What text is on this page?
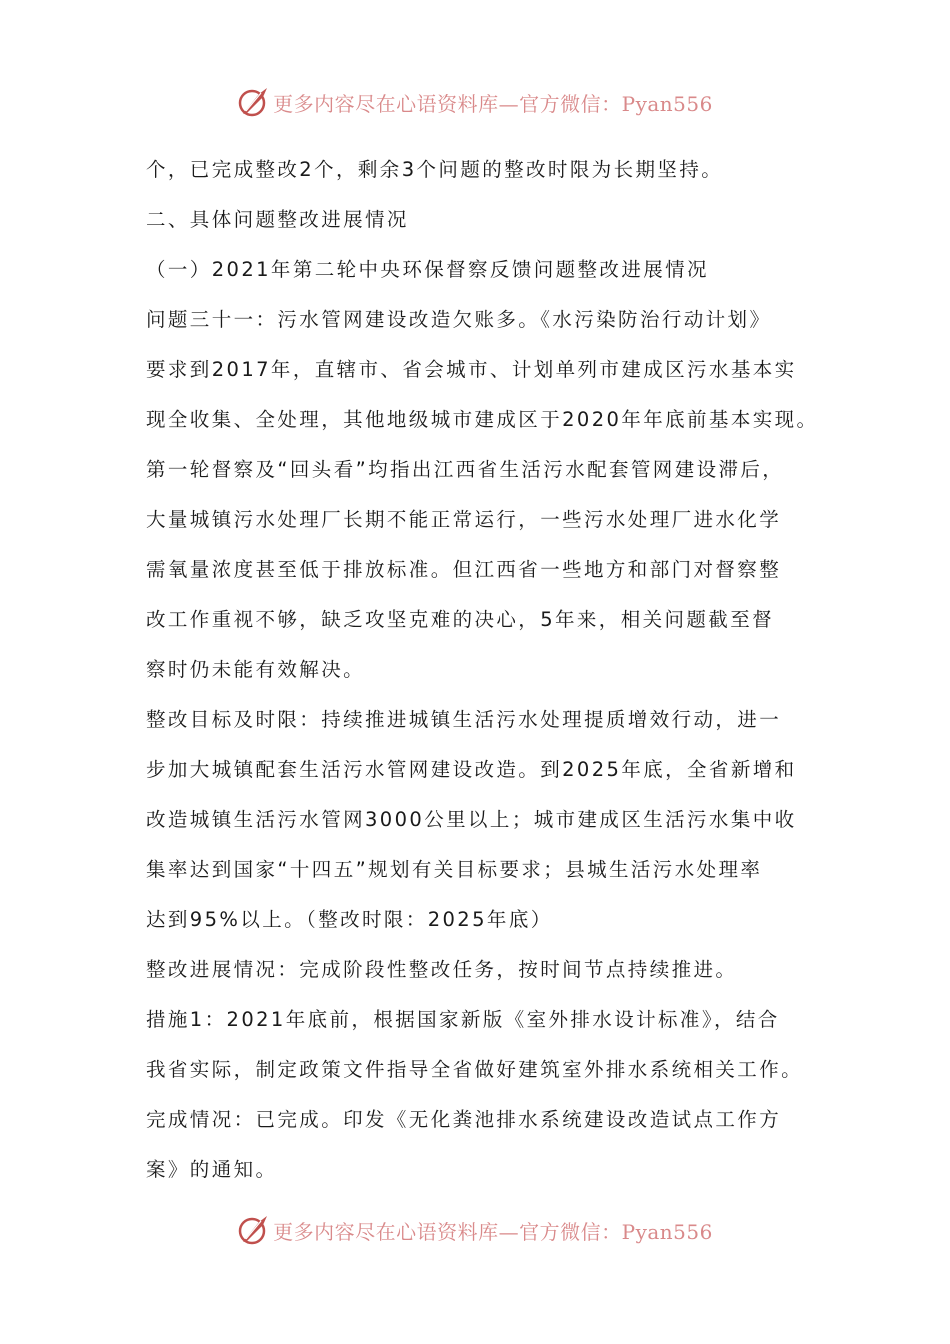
更多内容尽在心语资料库—官方微信：Pyan556

个，已完成整改2个，剩余3个问题的整改时限为长期坚持。

二、具体问题整改进展情况

（一）2021年第二轮中央环保督察反馈问题整改进展情况

问题三十一：污水管网建设改造欠账多。《水污染防治行动计划》

要求到2017年，直辖市、省会城市、计划单列市建成区污水基本实

现全收集、全处理，其他地级城市建成区于2020年年底前基本实现。

第一轮督察及“回头看”均指出江西省生活污水配套管网建设滞后，

大量城镇污水处理厂长期不能正常运行，一些污水处理厂进水化学

需氧量浓度甚至低于排放标准。但江西省一些地方和部门对督察整

改工作重视不够，缺乏攻坚克难的决心，5年来，相关问题截至督

察时仍未能有效解决。

整改目标及时限：持续推进城镇生活污水处理提质增效行动，进一

步加大城镇配套生活污水管网建设改造。到2025年底，全省新增和

改造城镇生活污水管网3000公里以上；城市建成区生活污水集中收

集率达到国家“十四五”规划有关目标要求；县城生活污水处理率

达到95%以上。（整改时限：2025年底）

整改进展情况：完成阶段性整改任务，按时间节点持续推进。

措施1：2021年底前，根据国家新版《室外排水设计标准》，结合

我省实际，制定政策文件指导全省做好建筑室外排水系统相关工作。

完成情况：已完成。印发《无化粪池排水系统建设改造试点工作方

案》的通知。

更多内容尽在心语资料库—官方微信：Pyan556
